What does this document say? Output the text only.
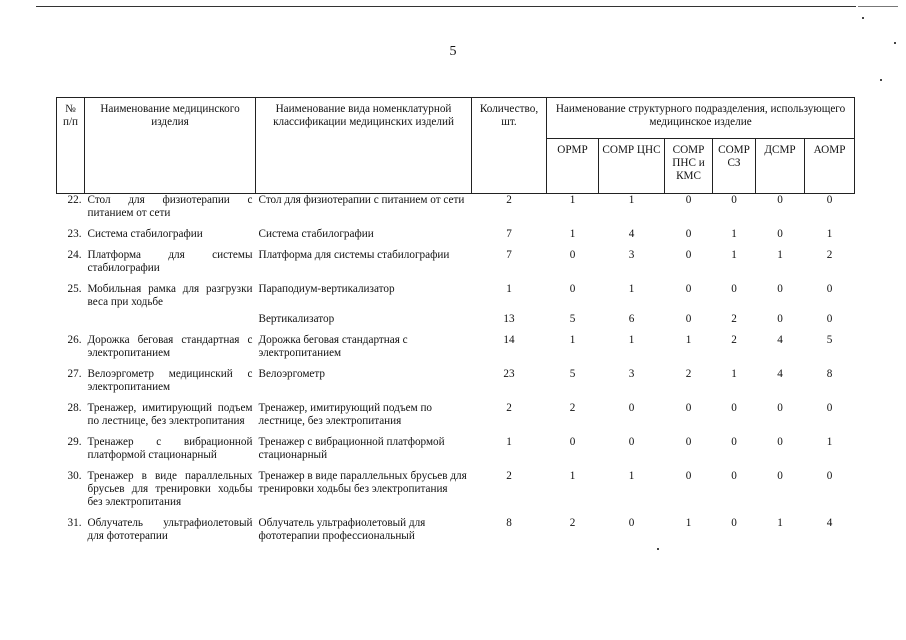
5
№ п/п	Наименование медицинского изделия	Наименование вида номенклатурной классификации медицинских изделий	Количество, шт.	Наименование структурного подразделения, использующего медицинское изделие					
				ОРМР	СОМР ЦНС	СОМР ПНС и КМС	СОМР СЗ	ДСМР	АОМР
22.	Стол для физиотерапии с питанием от сети	Стол для физиотерапии с питанием от сети	2	1	1	0	0	0	0
23.	Система стабилографии	Система стабилографии	7	1	4	0	1	0	1
24.	Платформа для системы стабилографии	Платформа для системы стабилографии	7	0	3	0	1	1	2
25.	Мобильная рамка для разгрузки веса при ходьбе	Параподиум-вертикализатор	1	0	1	0	0	0	0
		Вертикализатор	13	5	6	0	2	0	0
26.	Дорожка беговая стандартная с электропитанием	Дорожка беговая стандартная с электропитанием	14	1	1	1	2	4	5
27.	Велоэргометр медицинский с электропитанием	Велоэргометр	23	5	3	2	1	4	8
28.	Тренажер, имитирующий подъем по лестнице, без электропитания	Тренажер, имитирующий подъем по лестнице, без электропитания	2	2	0	0	0	0	0
29.	Тренажер с вибрационной платформой стационарный	Тренажер с вибрационной платформой стационарный	1	0	0	0	0	0	1
30.	Тренажер в виде параллельных брусьев для тренировки ходьбы без электропитания	Тренажер в виде параллельных брусьев для тренировки ходьбы без электропитания	2	1	1	0	0	0	0
31.	Облучатель ультрафиолетовый для фототерапии	Облучатель ультрафиолетовый для фототерапии профессиональный	8	2	0	1	0	1	4
